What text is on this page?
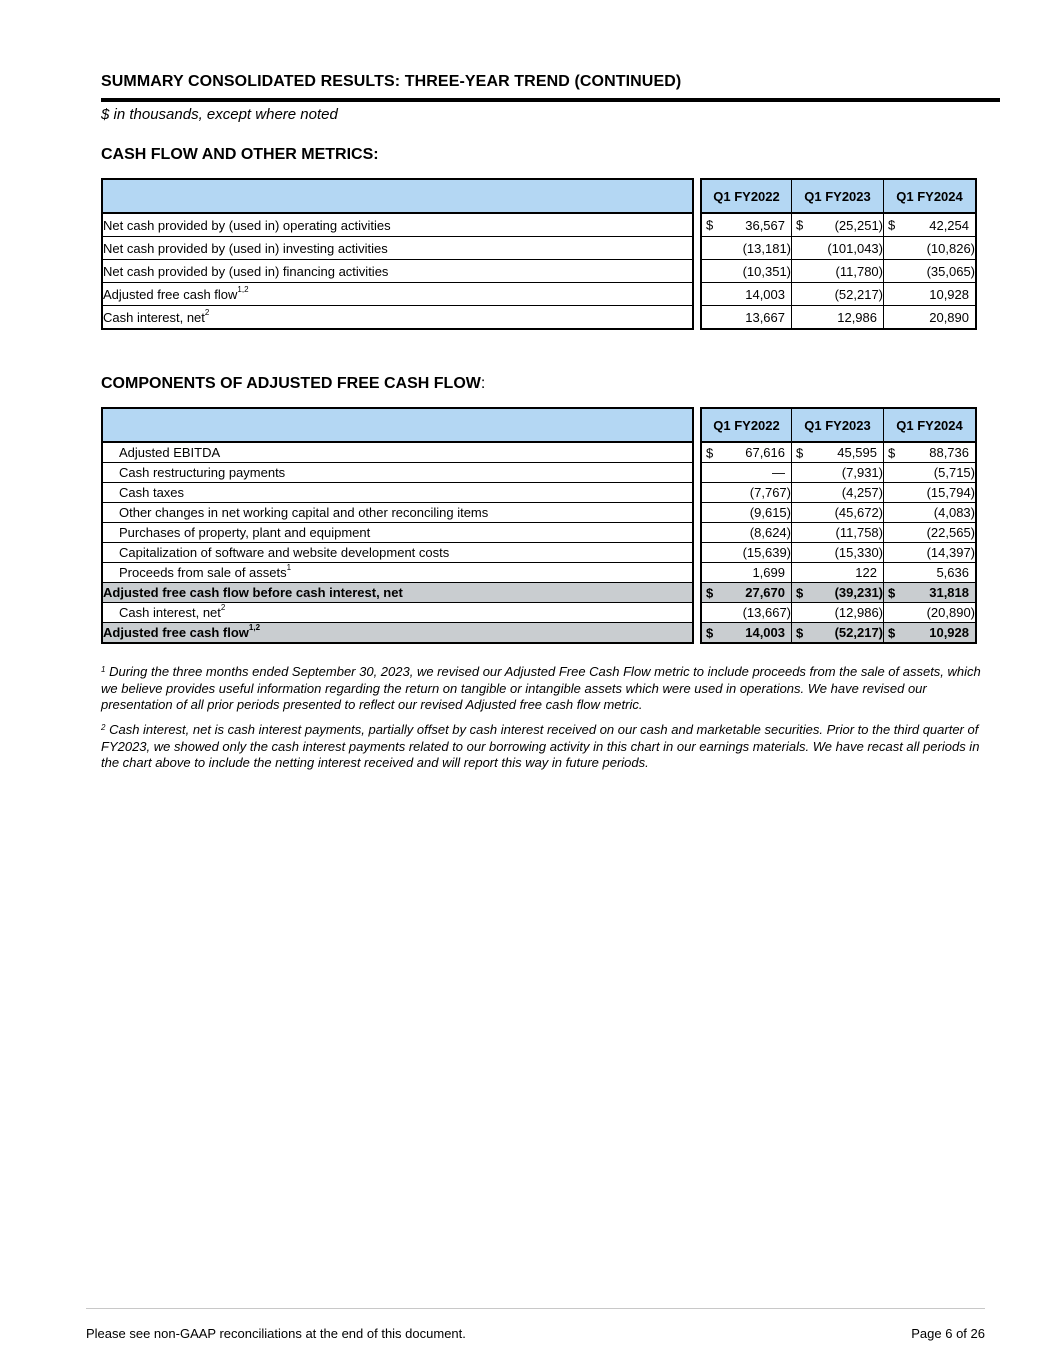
SUMMARY CONSOLIDATED RESULTS: THREE-YEAR TREND (CONTINUED)
$ in thousands, except where noted
CASH FLOW AND OTHER METRICS:
		Q1 FY2022	Q1 FY2023	Q1 FY2024
Net cash provided by (used in) operating activities		$ 36,567	$ (25,251)	$ 42,254

Net cash provided by (used in) investing activities		(13,181)	(101,043)	(10,826)

Net cash provided by (used in) financing activities		(10,351)	(11,780)	(35,065)

Adjusted free cash flow$^{1,2}$		14,003	(52,217)	10,928

Cash interest, net$^2$		13,667	12,986	20,890
COMPONENTS OF ADJUSTED FREE CASH FLOW:
		Q1 FY2022	Q1 FY2023	Q1 FY2024
Adjusted EBITDA		$ 67,616	$ 45,595	$ 88,736

Cash restructuring payments		—	(7,931)	(5,715)

Cash taxes		(7,767)	(4,257)	(15,794)

Other changes in net working capital and other reconciling items		(9,615)	(45,672)	(4,083)

Purchases of property, plant and equipment		(8,624)	(11,758)	(22,565)

Capitalization of software and website development costs		(15,639)	(15,330)	(14,397)

Proceeds from sale of assets$^1$		1,699	122	5,636

Adjusted free cash flow before cash interest, net		$ 27,670	$ (39,231)	$ 31,818

Cash interest, net$^2$		(13,667)	(12,986)	(20,890)

Adjusted free cash flow$^{1,2}$		$ 14,003	$ (52,217)	$ 10,928
$^1$ During the three months ended September 30, 2023, we revised our Adjusted Free Cash Flow metric to include proceeds from the sale of assets, which we believe provides useful information regarding the return on tangible or intangible assets which were used in operations. We have revised our presentation of all prior periods presented to reflect our revised Adjusted free cash flow metric.
$^2$ Cash interest, net is cash interest payments, partially offset by cash interest received on our cash and marketable securities. Prior to the third quarter of FY2023, we showed only the cash interest payments related to our borrowing activity in this chart in our earnings materials. We have recast all periods in the chart above to include the netting interest received and will report this way in future periods.
Please see non-GAAP reconciliations at the end of this document.	Page 6 of 26
